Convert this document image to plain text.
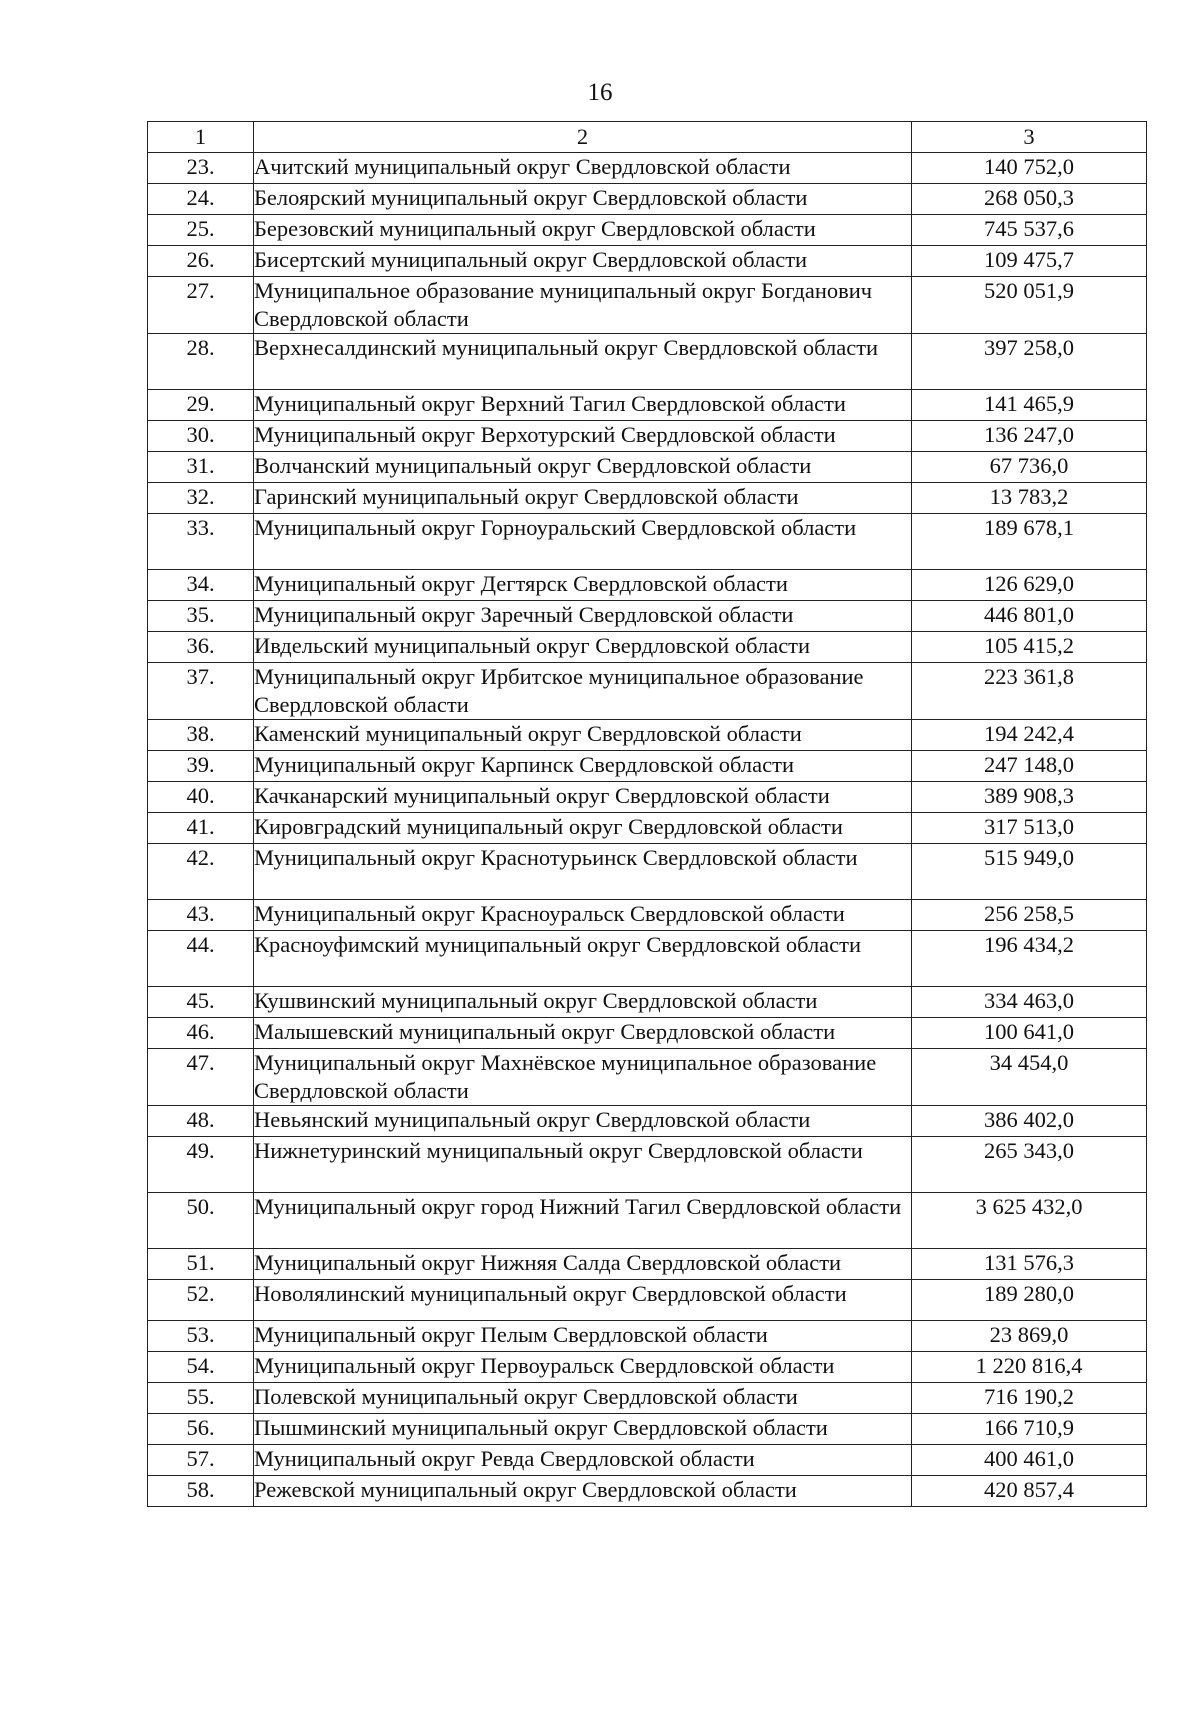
16
1	2	3
23.	Ачитский муниципальный округ Свердловской области	140 752,0
24.	Белоярский муниципальный округ Свердловской области	268 050,3
25.	Березовский муниципальный округ Свердловской области	745 537,6
26.	Бисертский муниципальный округ Свердловской области	109 475,7
27.	Муниципальное образование муниципальный округ Богданович Свердловской области	520 051,9
28.	Верхнесалдинский муниципальный округ Свердловской области	397 258,0
29.	Муниципальный округ Верхний Тагил Свердловской области	141 465,9
30.	Муниципальный округ Верхотурский Свердловской области	136 247,0
31.	Волчанский муниципальный округ Свердловской области	67 736,0
32.	Гаринский муниципальный округ Свердловской области	13 783,2
33.	Муниципальный округ Горноуральский Свердловской области	189 678,1
34.	Муниципальный округ Дегтярск Свердловской области	126 629,0
35.	Муниципальный округ Заречный Свердловской области	446 801,0
36.	Ивдельский муниципальный округ Свердловской области	105 415,2
37.	Муниципальный округ Ирбитское муниципальное образование Свердловской области	223 361,8
38.	Каменский муниципальный округ Свердловской области	194 242,4
39.	Муниципальный округ Карпинск Свердловской области	247 148,0
40.	Качканарский муниципальный округ Свердловской области	389 908,3
41.	Кировградский муниципальный округ Свердловской области	317 513,0
42.	Муниципальный округ Краснотурьинск Свердловской области	515 949,0
43.	Муниципальный округ Красноуральск Свердловской области	256 258,5
44.	Красноуфимский муниципальный округ Свердловской области	196 434,2
45.	Кушвинский муниципальный округ Свердловской области	334 463,0
46.	Малышевский муниципальный округ Свердловской области	100 641,0
47.	Муниципальный округ Махнёвское муниципальное образование Свердловской области	34 454,0
48.	Невьянский муниципальный округ Свердловской области	386 402,0
49.	Нижнетуринский муниципальный округ Свердловской области	265 343,0
50.	Муниципальный округ город Нижний Тагил Свердловской области	3 625 432,0
51.	Муниципальный округ Нижняя Салда Свердловской области	131 576,3
52.	Новолялинский муниципальный округ Свердловской области	189 280,0
53.	Муниципальный округ Пелым Свердловской области	23 869,0
54.	Муниципальный округ Первоуральск Свердловской области	1 220 816,4
55.	Полевской муниципальный округ Свердловской области	716 190,2
56.	Пышминский муниципальный округ Свердловской области	166 710,9
57.	Муниципальный округ Ревда Свердловской области	400 461,0
58.	Режевской муниципальный округ Свердловской области	420 857,4
